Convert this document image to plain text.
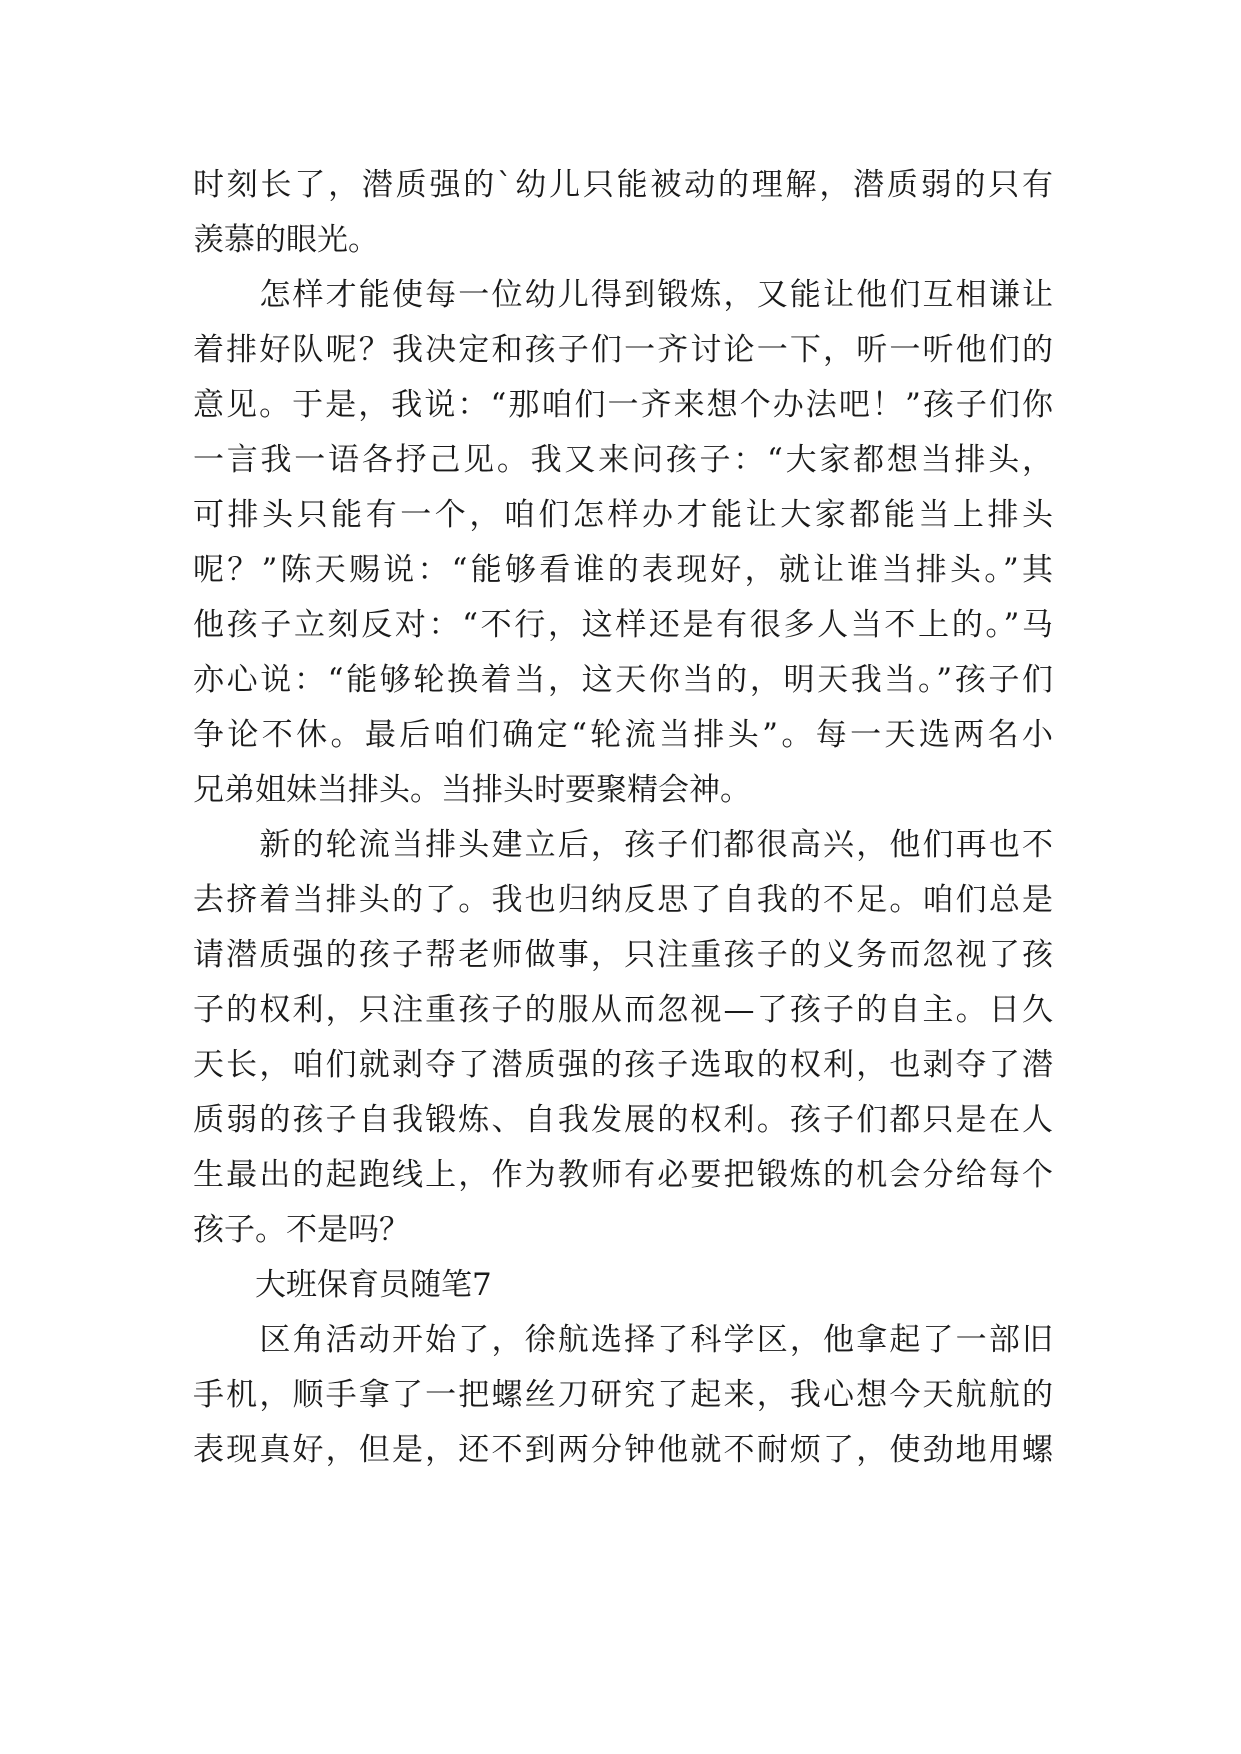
时刻长了，潜质强的`幼儿只能被动的理解，潜质弱的只有
羡慕的眼光。
　　怎样才能使每一位幼儿得到锻炼，又能让他们互相谦让
着排好队呢？我决定和孩子们一齐讨论一下，听一听他们的
意见。于是，我说：“那咱们一齐来想个办法吧！”孩子们你
一言我一语各抒己见。我又来问孩子：“大家都想当排头，
可排头只能有一个，咱们怎样办才能让大家都能当上排头
呢？”陈天赐说：“能够看谁的表现好，就让谁当排头。”其
他孩子立刻反对：“不行，这样还是有很多人当不上的。”马
亦心说：“能够轮换着当，这天你当的，明天我当。”孩子们
争论不休。最后咱们确定“轮流当排头”。每一天选两名小
兄弟姐妹当排头。当排头时要聚精会神。
　　新的轮流当排头建立后，孩子们都很高兴，他们再也不
去挤着当排头的了。我也归纳反思了自我的不足。咱们总是
请潜质强的孩子帮老师做事，只注重孩子的义务而忽视了孩
子的权利，只注重孩子的服从而忽视—了孩子的自主。日久
天长，咱们就剥夺了潜质强的孩子选取的权利，也剥夺了潜
质弱的孩子自我锻炼、自我发展的权利。孩子们都只是在人
生最出的起跑线上，作为教师有必要把锻炼的机会分给每个
孩子。不是吗？
　　大班保育员随笔7
　　区角活动开始了，徐航选择了科学区，他拿起了一部旧
手机，顺手拿了一把螺丝刀研究了起来，我心想今天航航的
表现真好，但是，还不到两分钟他就不耐烦了，使劲地用螺
